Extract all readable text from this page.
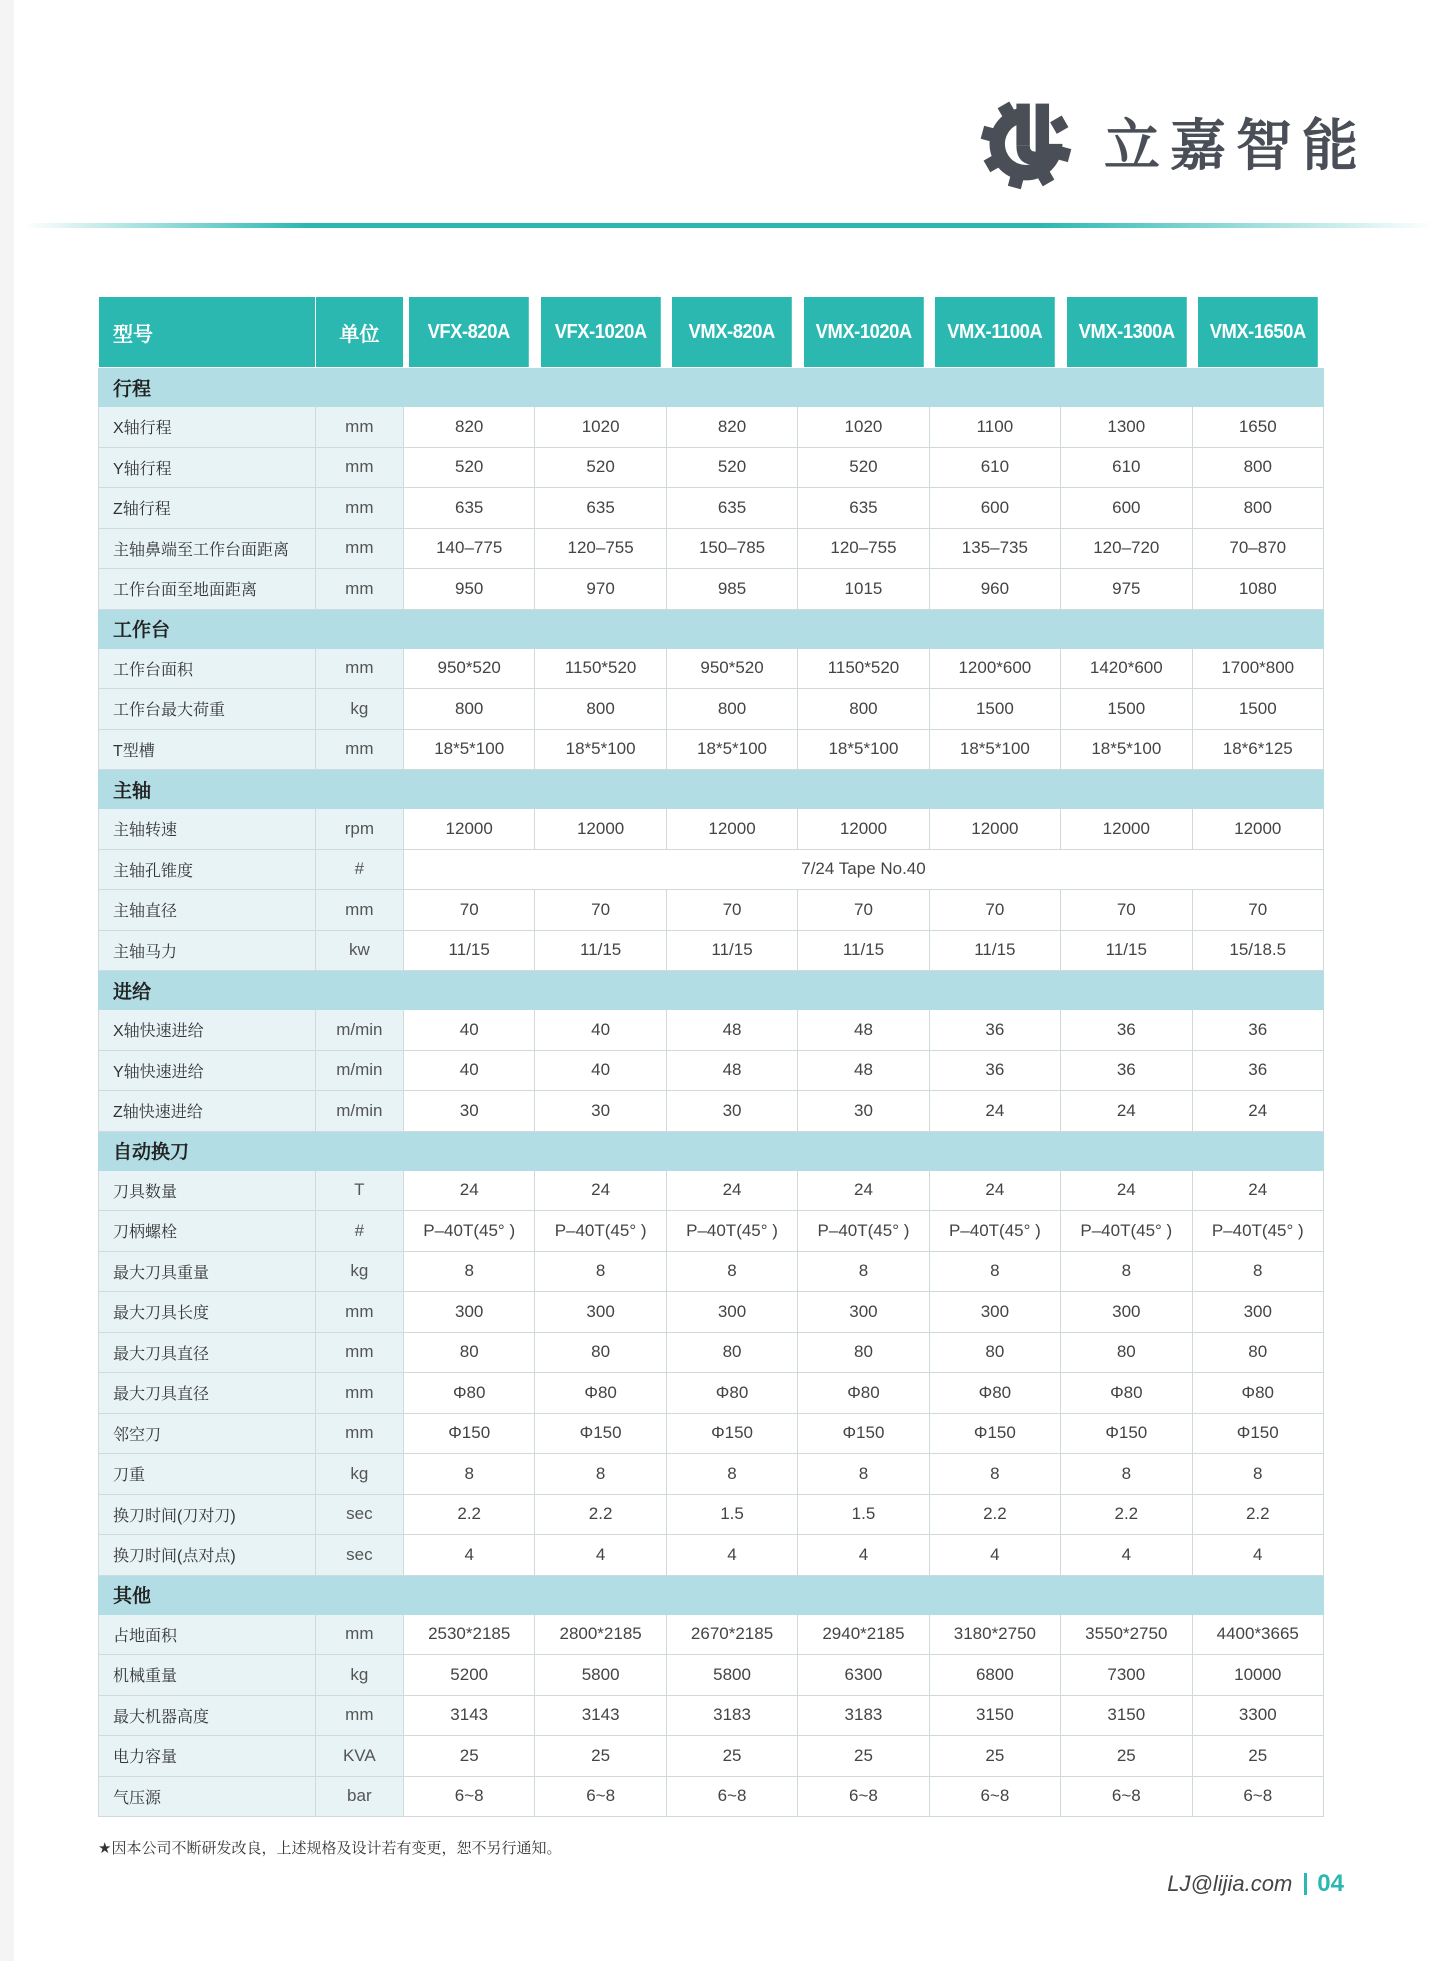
立嘉智能
型号	单位	VFX-820A	VFX-1020A	VMX-820A	VMX-1020A	VMX-1100A	VMX-1300A	VMX-1650A
行程								
X轴行程	mm	820	1020	820	1020	1100	1300	1650
Y轴行程	mm	520	520	520	520	610	610	800
Z轴行程	mm	635	635	635	635	600	600	800
主轴鼻端至工作台面距离	mm	140–775	120–755	150–785	120–755	135–735	120–720	70–870
工作台面至地面距离	mm	950	970	985	1015	960	975	1080
工作台								
工作台面积	mm	950*520	1150*520	950*520	1150*520	1200*600	1420*600	1700*800
工作台最大荷重	kg	800	800	800	800	1500	1500	1500
T型槽	mm	18*5*100	18*5*100	18*5*100	18*5*100	18*5*100	18*5*100	18*6*125
主轴								
主轴转速	rpm	12000	12000	12000	12000	12000	12000	12000
主轴孔锥度	#	7/24 Tape No.40						
主轴直径	mm	70	70	70	70	70	70	70
主轴马力	kw	11/15	11/15	11/15	11/15	11/15	11/15	15/18.5
进给								
X轴快速进给	m/min	40	40	48	48	36	36	36
Y轴快速进给	m/min	40	40	48	48	36	36	36
Z轴快速进给	m/min	30	30	30	30	24	24	24
自动换刀								
刀具数量	T	24	24	24	24	24	24	24
刀柄螺栓	#	P–40T(45° )	P–40T(45° )	P–40T(45° )	P–40T(45° )	P–40T(45° )	P–40T(45° )	P–40T(45° )
最大刀具重量	kg	8	8	8	8	8	8	8
最大刀具长度	mm	300	300	300	300	300	300	300
最大刀具直径	mm	80	80	80	80	80	80	80
最大刀具直径	mm	Φ80	Φ80	Φ80	Φ80	Φ80	Φ80	Φ80
邻空刀	mm	Φ150	Φ150	Φ150	Φ150	Φ150	Φ150	Φ150
刀重	kg	8	8	8	8	8	8	8
换刀时间(刀对刀)	sec	2.2	2.2	1.5	1.5	2.2	2.2	2.2
换刀时间(点对点)	sec	4	4	4	4	4	4	4
其他								
占地面积	mm	2530*2185	2800*2185	2670*2185	2940*2185	3180*2750	3550*2750	4400*3665
机械重量	kg	5200	5800	5800	6300	6800	7300	10000
最大机器高度	mm	3143	3143	3183	3183	3150	3150	3300
电力容量	KVA	25	25	25	25	25	25	25
气压源	bar	6~8	6~8	6~8	6~8	6~8	6~8	6~8
★因本公司不断研发改良，上述规格及设计若有变更，恕不另行通知。
LJ@lijia.com 04
